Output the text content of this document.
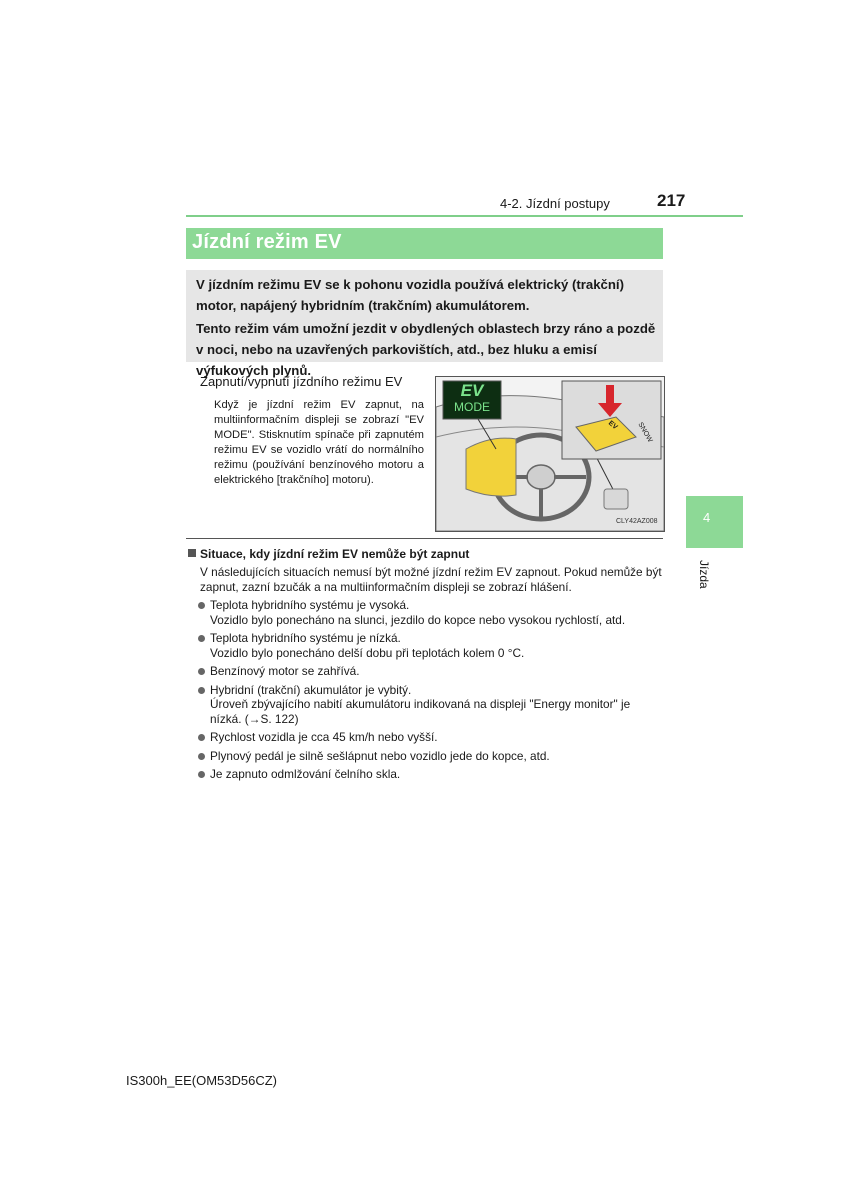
4-2. Jízdní postupy	217
Jízdní režim EV

V jízdním režimu EV se k pohonu vozidla používá elektrický (trakční) motor, napájený hybridním (trakčním) akumulátorem.

Tento režim vám umožní jezdit v obydlených oblastech brzy ráno a pozdě v noci, nebo na uzavřených parkovištích, atd., bez hluku a emisí výfukových plynů.

Zapnutí/vypnutí jízdního režimu EV
Když je jízdní režim EV zapnut, na multiinformačním displeji se zobrazí "EV MODE". Stisknutím spínače při zapnutém režimu EV se vozidlo vrátí do normálního režimu (používání benzínového motoru a elektrického [trakčního] motoru).
EV
MODE
EV	SNOW
CLY42AZ008	4
Jízda
Situace, kdy jízdní režim EV nemůže být zapnut
V následujících situacích nemusí být možné jízdní režim EV zapnout. Pokud nemůže být zapnut, zazní bzučák a na multiinformačním displeji se zobrazí hlášení.
Teplota hybridního systému je vysoká.
Vozidlo bylo ponecháno na slunci, jezdilo do kopce nebo vysokou rychlostí, atd.
Teplota hybridního systému je nízká.
Vozidlo bylo ponecháno delší dobu při teplotách kolem 0 °C.
Benzínový motor se zahřívá.
Hybridní (trakční) akumulátor je vybitý.
Úroveň zbývajícího nabití akumulátoru indikovaná na displeji "Energy monitor" je nízká. (→S. 122)
Rychlost vozidla je cca 45 km/h nebo vyšší.
Plynový pedál je silně sešlápnut nebo vozidlo jede do kopce, atd.
Je zapnuto odmlžování čelního skla.
IS300h_EE(OM53D56CZ)
